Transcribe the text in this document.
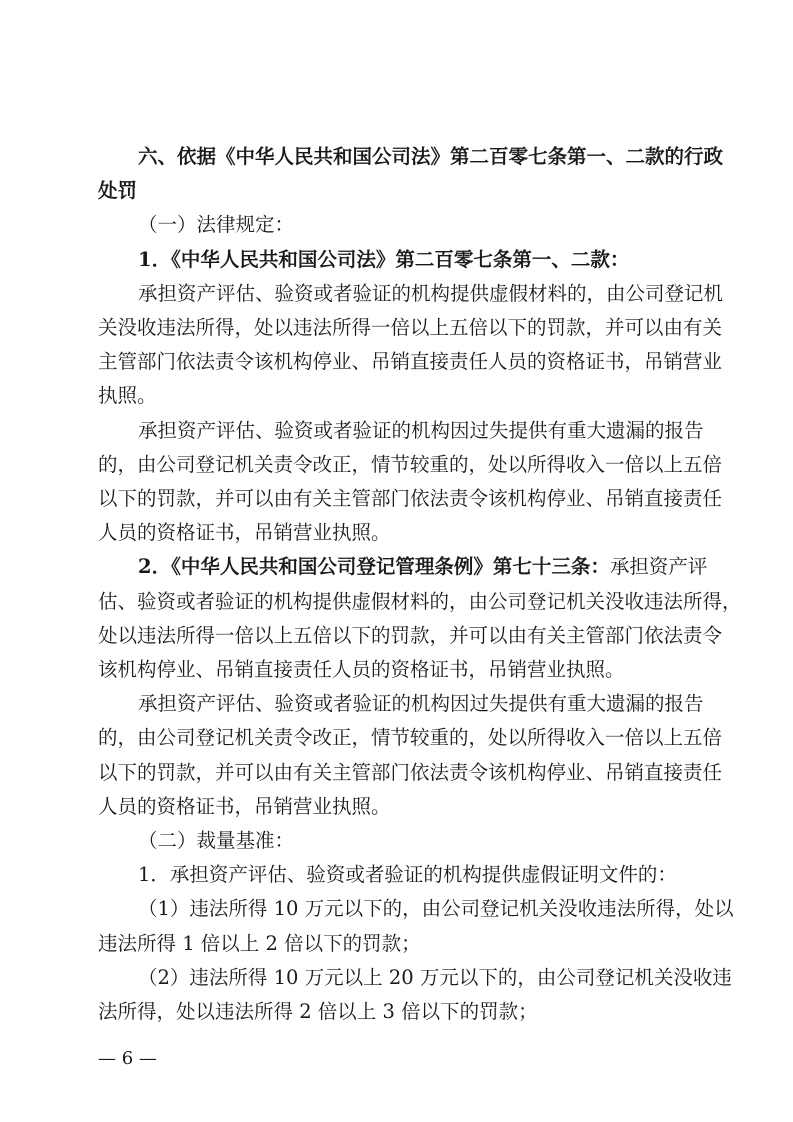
六、依据《中华人民共和国公司法》第二百零七条第一、二款的行政
处罚
（一）法律规定：
1．《中华人民共和国公司法》第二百零七条第一、二款：
承担资产评估、验资或者验证的机构提供虚假材料的，由公司登记机
关没收违法所得，处以违法所得一倍以上五倍以下的罚款，并可以由有关
主管部门依法责令该机构停业、吊销直接责任人员的资格证书，吊销营业
执照。
承担资产评估、验资或者验证的机构因过失提供有重大遗漏的报告
的，由公司登记机关责令改正，情节较重的，处以所得收入一倍以上五倍
以下的罚款，并可以由有关主管部门依法责令该机构停业、吊销直接责任
人员的资格证书，吊销营业执照。
2．《中华人民共和国公司登记管理条例》第七十三条：承担资产评
估、验资或者验证的机构提供虚假材料的，由公司登记机关没收违法所得，
处以违法所得一倍以上五倍以下的罚款，并可以由有关主管部门依法责令
该机构停业、吊销直接责任人员的资格证书，吊销营业执照。
承担资产评估、验资或者验证的机构因过失提供有重大遗漏的报告
的，由公司登记机关责令改正，情节较重的，处以所得收入一倍以上五倍
以下的罚款，并可以由有关主管部门依法责令该机构停业、吊销直接责任
人员的资格证书，吊销营业执照。
（二）裁量基准：
1．承担资产评估、验资或者验证的机构提供虚假证明文件的：
（1）违法所得 10 万元以下的，由公司登记机关没收违法所得，处以
违法所得 1 倍以上 2 倍以下的罚款；
（2）违法所得 10 万元以上 20 万元以下的，由公司登记机关没收违
法所得，处以违法所得 2 倍以上 3 倍以下的罚款；
— 6 —
